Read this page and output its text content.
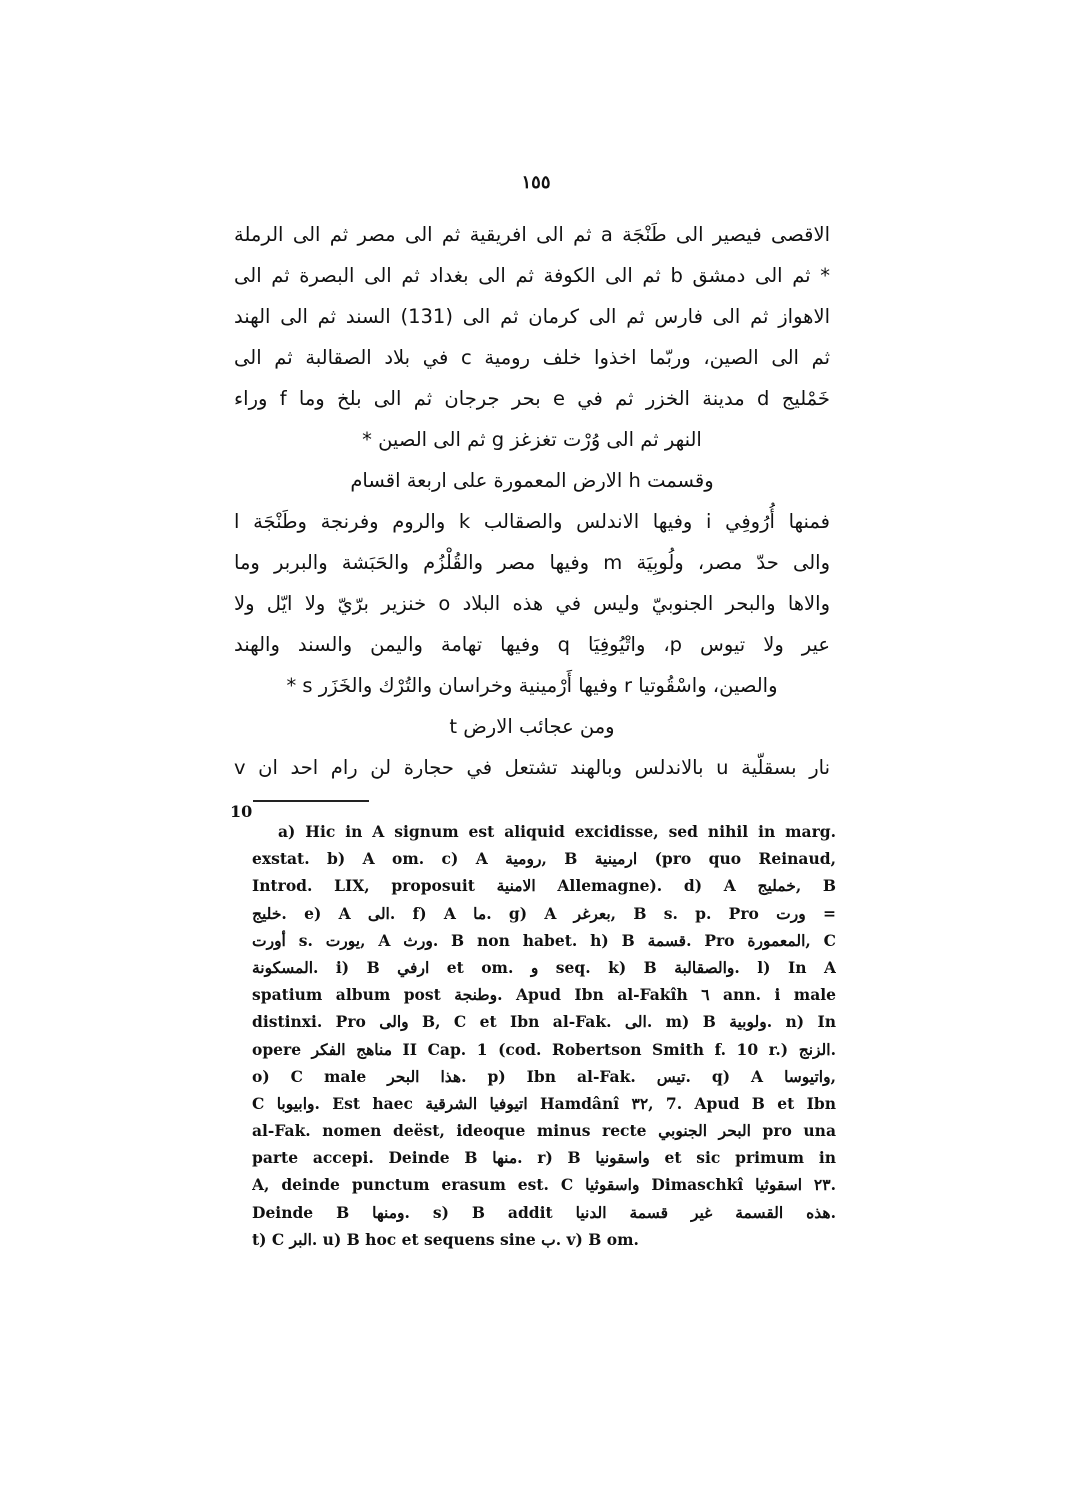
١٥٥
الاقصى فيصير الى طَنْجَة a ثم الى افريقية ثم الى مصر ثم الى الرملة
* ثم الى دمشق b ثم الى الكوفة ثم الى بغداد ثم الى البصرة ثم الى
الاهواز ثم الى فارس ثم الى كرمان ثم الى (131) السند ثم الى الهند
ثم الى الصين، وربّما اخذوا خلف رومية c في بلاد الصقالبة ثم الى
خَمْليج d مدينة الخزر ثم في e بحر جرجان ثم الى بلخ وما f وراء
النهر ثم الى وُرْت تغزغز g ثم الى الصين *
وقسمت h الارض المعمورة على اربعة اقسام
فمنها أُرُوفِي i وفيها الاندلس والصقالب k والروم وفرنجة وطَنْجَة l
والى حدّ مصر، ولُوبِيَة m وفيها مصر والقُلْزُم والحَبَشة والبربر وما
والاها والبحر الجنوبيّ وليس في هذه البلاد o خنزير برّيّ ولا ايّل ولا
عير ولا تيوس p، واتْيُوفِيَا q وفيها تهامة واليمن والسند والهند
والصين، واسْقُوتيا r وفيها أَرْمينية وخراسان والتُرْك والخَزَر s *
ومن عجائب الارض t
نار بسقلّية u بالاندلس وبالهند تشتعل في حجارة لن رام احد ان v
10
a) Hic in A signum est aliquid excidisse, sed nihil in marg.
exstat. b) A om. c) A رومية, B ارمينية (pro quo Reinaud,
Introd. LIX, proposuit الامنية Allemagne). d) A خمليج, B
خليج. e) A الى. f) A ما. g) A بعرغر, B s. p. Pro ورت =
أورت s. يورت, A ورث. B non habet. h) B قسمة. Pro المعمورة, C
المسكونة. i) B ارفي et om. و seq. k) B والصقالبة. l) In A
spatium album post وطنجة. Apud Ibn al-Fakîh ٦ ann. i male
distinxi. Pro والى B, C et Ibn al-Fak. الى. m) B ولوبية. n) In
opere مناهج الفكر II Cap. 1 (cod. Robertson Smith f. 10 r.) الزنج.
o) C male هذا البحر. p) Ibn al-Fak. تيس. q) A واتيوسا,
C وابيوبا. Est haec اتيوفيا الشرقية Hamdânî ٣٢, 7. Apud B et Ibn
al-Fak. nomen deëst, ideoque minus recte البحر الجنوبي pro una
parte accepi. Deinde B منها. r) B واسقونيا et sic primum in
A, deinde punctum erasum est. C واسقوثيا Dimaschkî ٢٣ اسقوثيا.
Deinde B ومنها. s) B addit هذه القسمة غير قسمة الدنيا.
t) C البر. u) B hoc et sequens sine ب. v) B om.
